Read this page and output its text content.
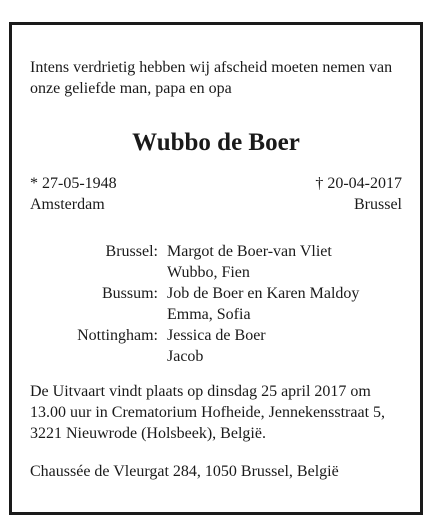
Intens verdrietig hebben wij afscheid moeten nemen van
onze geliefde man, papa en opa
Wubbo de Boer
* 27-05-1948
Amsterdam
† 20-04-2017
Brussel
Brussel: Margot de Boer-van Vliet
Wubbo, Fien
Bussum: Job de Boer en Karen Maldoy
Emma, Sofia
Nottingham: Jessica de Boer
Jacob
De Uitvaart vindt plaats op dinsdag 25 april 2017 om
13.00 uur in Crematorium Hofheide, Jennekensstraat 5,
3221 Nieuwrode (Holsbeek), België.
Chaussée de Vleurgat 284, 1050 Brussel, België
